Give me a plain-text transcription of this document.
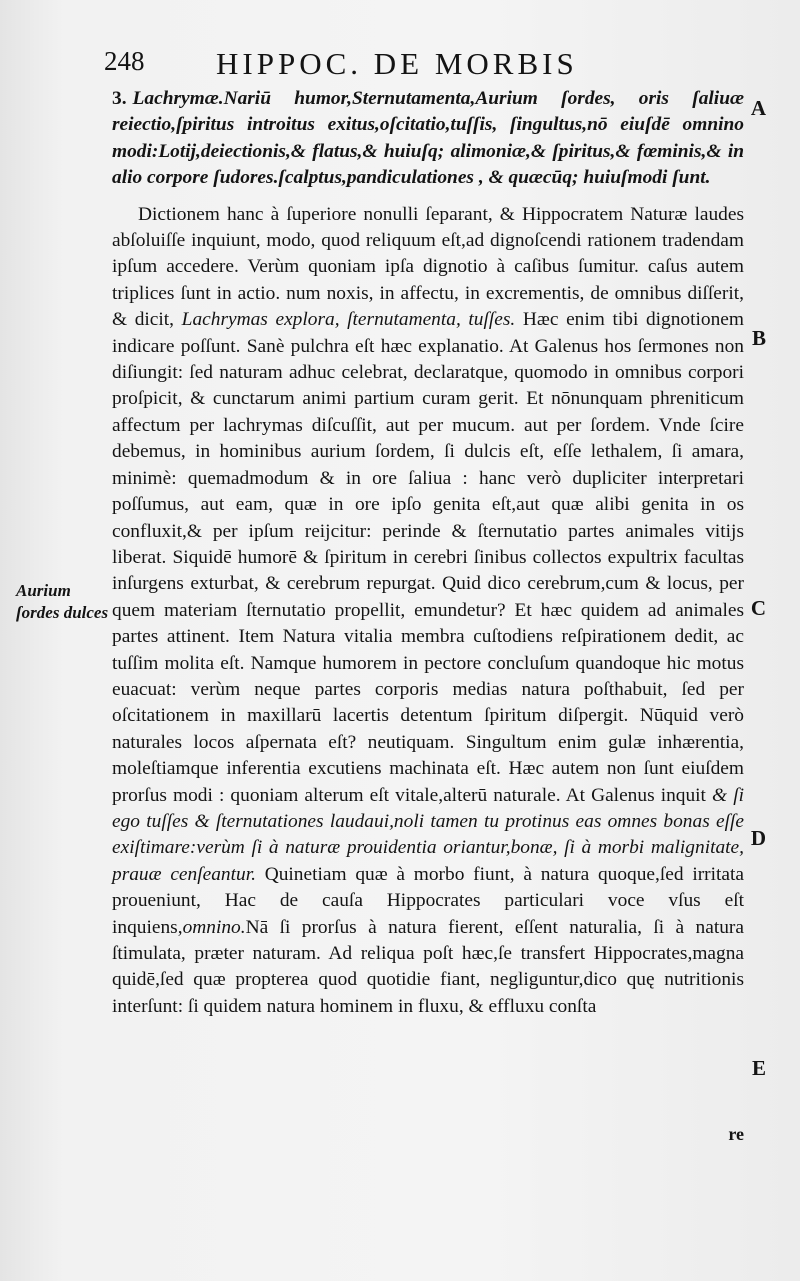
248 HIPPOC. DE MORBIS
A
B
C
D
E

3. Lachrymæ.Nariū humor,Sternutamenta,Aurium ſordes, oris ſaliuæ reiectio,ſpiritus introitus exitus,oſcitatio,tuſſis, ſingultus,nō eiuſdē omnino modi:Lotij,deiectionis,& flatus,& huiuſq; alimoniæ,& ſpiritus,& fœminis,& in alio corpore ſudores.ſcalptus,pandiculationes , & quæcūq; huiuſmodi ſunt.

Dictionem hanc à ſuperiore nonulli ſeparant, & Hippocratem Naturæ laudes abſoluiſſe inquiunt, modo, quod reliquum eſt,ad dignoſcendi rationem tradendam ipſum accedere. Verùm quoniam ipſa dignotio à caſibus ſumitur. caſus autem triplices ſunt in actio. num noxis, in affectu, in excrementis, de omnibus diſſerit, & dicit, Lachrymas explora, ſternutamenta, tuſſes. Hæc enim tibi dignotionem indicare poſſunt. Sanè pulchra eſt hæc explanatio. At Galenus hos ſermones non diſiungit: ſed naturam adhuc celebrat, declaratque, quomodo in omnibus corpori proſpicit, & cunctarum animi partium curam gerit. Et nōnunquam phreniticum affectum per lachrymas diſcuſſit, aut per mucum. aut per ſordem. Vnde ſcire debemus, in hominibus aurium ſordem, ſi dulcis eſt, eſſe lethalem, ſi amara, minimè: quemadmodum & in ore ſaliua : hanc verò dupliciter interpretari poſſumus, aut eam, quæ in ore ipſo genita eſt,aut quæ alibi genita in os confluxit,& per ipſum reijcitur: perinde & ſternutatio partes animales vitijs liberat. Siquidē humorē & ſpiritum in cerebri ſinibus collectos expultrix facultas inſurgens exturbat, & cerebrum repurgat. Quid dico cerebrum,cum & locus, per quem materiam ſternutatio propellit, emundetur? Et hæc quidem ad animales partes attinent. Item Natura vitalia membra cuſtodiens reſpirationem dedit, ac tuſſim molita eſt. Namque humorem in pectore concluſum quandoque hic motus euacuat: verùm neque partes corporis medias natura poſthabuit, ſed per oſcitationem in maxillarū lacertis detentum ſpiritum diſpergit. Nūquid verò naturales locos aſpernata eſt? neutiquam. Singultum enim gulæ inhærentia, moleſtiamque inferentia excutiens machinata eſt. Hæc autem non ſunt eiuſdem prorſus modi : quoniam alterum eſt vitale,alterū naturale. At Galenus inquit & ſi ego tuſſes & ſternutationes laudaui,noli tamen tu protinus eas omnes bonas eſſe exiſtimare:verùm ſi à naturæ prouidentia oriantur,bonæ, ſi à morbi malignitate, prauæ cenſeantur. Quinetiam quæ à morbo fiunt, à natura quoque,ſed irritata proueniunt, Hac de cauſa Hippocrates particulari voce vſus eſt inquiens,omnino.Nā ſi prorſus à natura fierent, eſſent naturalia, ſi à natura ſtimulata, præter naturam. Ad reliqua poſt hæc,ſe transfert Hippocrates,magna quidē,ſed quæ propterea quod quotidie fiant, negliguntur,dico quę nutritionis interſunt: ſi quidem natura hominem in fluxu, & effluxu conſta

Aurium ſordes dulces
re
